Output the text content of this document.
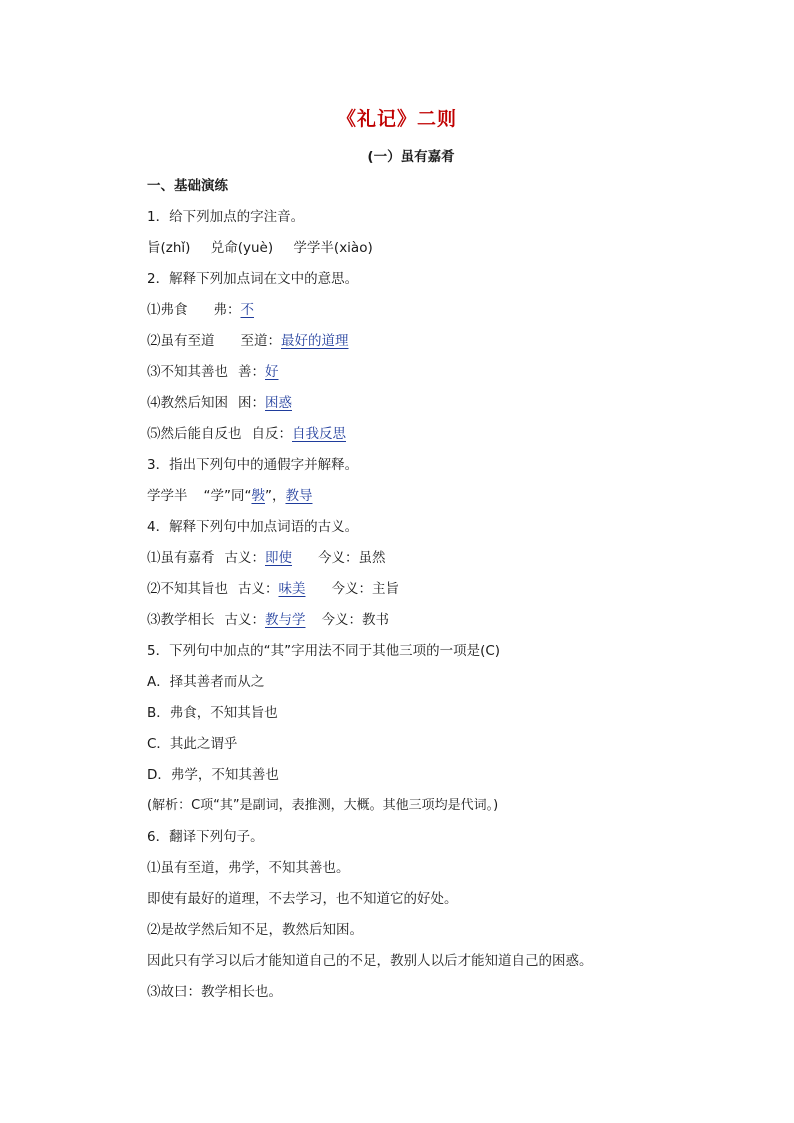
《礼记》二则
(一）虽有嘉肴
一、基础演练
1．给下列加点的字注音。
旨(zhǐ) 兑命(yuè) 学学半(xiào)
2．解释下列加点词在文中的意思。
⑴弗食 弗：不
⑵虽有至道 至道：最好的道理
⑶不知其善也 善：好
⑷教然后知困 困：困惑
⑸然后能自反也 自反：自我反思
3．指出下列句中的通假字并解释。
学学半 “学”同“斅”，教导
4．解释下列句中加点词语的古义。
⑴虽有嘉肴 古义：即使 今义：虽然
⑵不知其旨也 古义：味美 今义：主旨
⑶教学相长 古义：教与学 今义：教书
5．下列句中加点的“其”字用法不同于其他三项的一项是(C)
A．择其善者而从之
B．弗食，不知其旨也
C．其此之谓乎
D．弗学，不知其善也
(解析：C项“其”是副词，表推测，大概。其他三项均是代词。)
6．翻译下列句子。
⑴虽有至道，弗学，不知其善也。
即使有最好的道理，不去学习，也不知道它的好处。
⑵是故学然后知不足，教然后知困。
因此只有学习以后才能知道自己的不足，教别人以后才能知道自己的困惑。
⑶故曰：教学相长也。
